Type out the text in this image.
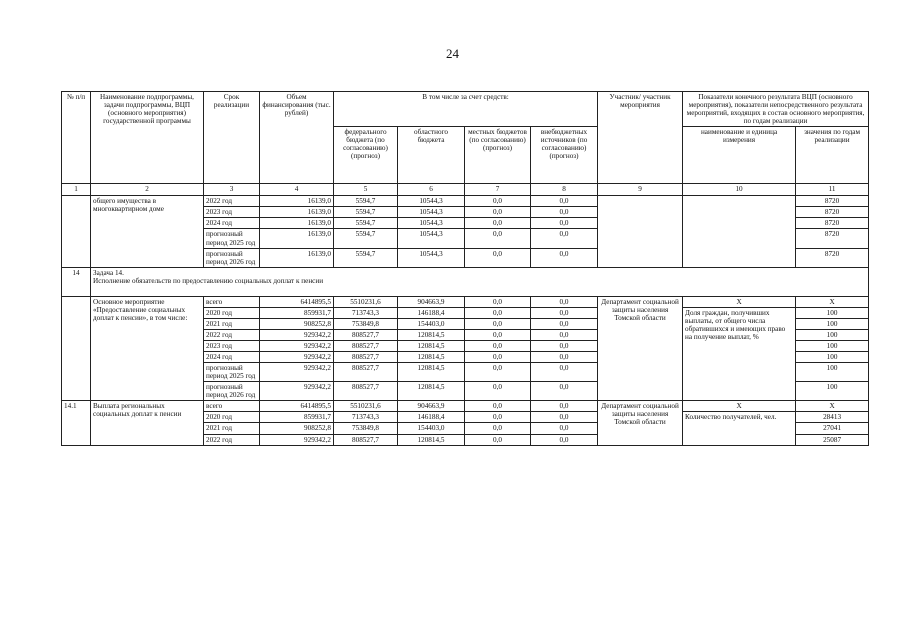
24
№ п/п	Наименование подпрограммы, задачи подпрограммы, ВЦП (основного мероприятия) государственной программы	Срок реализации	Объем финансирования (тыс. рублей)	В том числе за счет средств:				Участник/ участник мероприятия	Показатели конечного результата ВЦП (основного мероприятия), показатели непосредственного результата мероприятий, входящих в состав основного мероприятия, по годам реализации	
				федерального бюджета (по согласованию) (прогноз)	областного бюджета	местных бюджетов (по согласованию) (прогноз)	внебюджетных источников (по согласованию) (прогноз)		наименование и единица измерения	значения по годам реализации
1	2	3	4	5	6	7	8	9	10	11
	общего имущества в многоквартирном доме	2022 год	16139,0	5594,7	10544,3	0,0	0,0			8720
		2023 год	16139,0	5594,7	10544,3	0,0	0,0			8720
		2024 год	16139,0	5594,7	10544,3	0,0	0,0			8720
		прогнозный период 2025 год	16139,0	5594,7	10544,3	0,0	0,0			8720
		прогнозный период 2026 год	16139,0	5594,7	10544,3	0,0	0,0			8720
14	Задача 14.
Исполнение обязательств по предоставлению социальных доплат к пенсии									
	Основное мероприятие «Предоставление социальных доплат к пенсии», в том числе:	всего	6414895,5	5510231,6	904663,9	0,0	0,0	Департамент социальной защиты населения Томской области	Х	Х
		2020 год	859931,7	713743,3	146188,4	0,0	0,0		Доля граждан, получивших выплаты, от общего числа обратившихся и имеющих право на получение выплат, %	100
		2021 год	908252,8	753849,8	154403,0	0,0	0,0			100
		2022 год	929342,2	808527,7	120814,5	0,0	0,0			100
		2023 год	929342,2	808527,7	120814,5	0,0	0,0			100
		2024 год	929342,2	808527,7	120814,5	0,0	0,0			100
		прогнозный период 2025 год	929342,2	808527,7	120814,5	0,0	0,0			100
		прогнозный период 2026 год	929342,2	808527,7	120814,5	0,0	0,0			100
14.1	Выплата региональных социальных доплат к пенсии	всего	6414895,5	5510231,6	904663,9	0,0	0,0	Департамент социальной защиты населения Томской области	Х	Х
		2020 год	859931,7	713743,3	146188,4	0,0	0,0		Количество получателей, чел.	28413
		2021 год	908252,8	753849,8	154403,0	0,0	0,0			27041
		2022 год	929342,2	808527,7	120814,5	0,0	0,0			25087
